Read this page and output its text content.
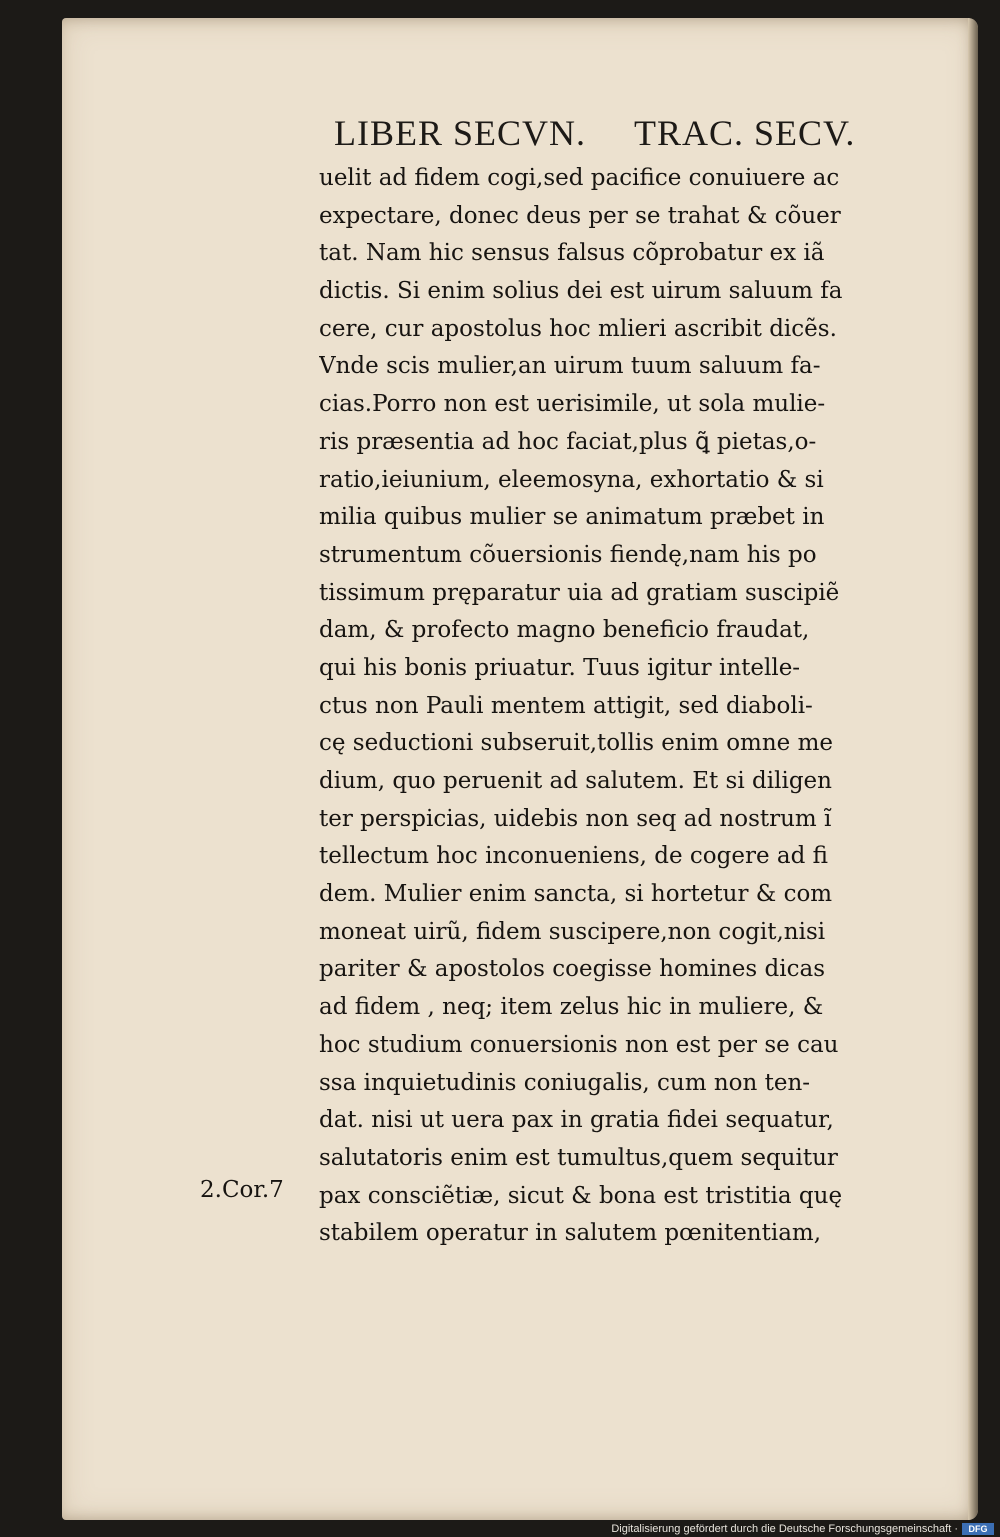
LIBER SECVN. TRAC. SECV.
uelit ad fidem cogi,sed pacifice conuiuere ac
expectare, donec deus per se trahat & cõuer
tat. Nam hic sensus falsus cõprobatur ex iã
dictis. Si enim solius dei est uirum saluum fa
cere, cur apostolus hoc mlieri ascribit dicẽs.
Vnde scis mulier,an uirum tuum saluum fa-
cias.Porro non est uerisimile, ut sola mulie-
ris præsentia ad hoc faciat,plus ꝗ̃ pietas,o-
ratio,ieiunium, eleemosyna, exhortatio & si
milia quibus mulier se animatum præbet in
strumentum cõuersionis fiendę,nam his po
tissimum pręparatur uia ad gratiam suscipiẽ
dam, & profecto magno beneficio fraudat,
qui his bonis priuatur. Tuus igitur intelle-
ctus non Pauli mentem attigit, sed diaboli-
cę seductioni subseruit,tollis enim omne me
dium, quo peruenit ad salutem. Et si diligen
ter perspicias, uidebis non seq ad nostrum ĩ
tellectum hoc inconueniens, de cogere ad fi
dem. Mulier enim sancta, si hortetur & com
moneat uirũ, fidem suscipere,non cogit,nisi
pariter & apostolos coegisse homines dicas
ad fidem , neq; item zelus hic in muliere, &
hoc studium conuersionis non est per se cau
ssa inquietudinis coniugalis, cum non ten-
dat. nisi ut uera pax in gratia fidei sequatur,
salutatoris enim est tumultus,quem sequitur
pax consciẽtiæ, sicut & bona est tristitia quę
stabilem operatur in salutem pœnitentiam,
2.Cor.7
Digitalisierung gefördert durch die Deutsche Forschungsgemeinschaft ·	DFG
